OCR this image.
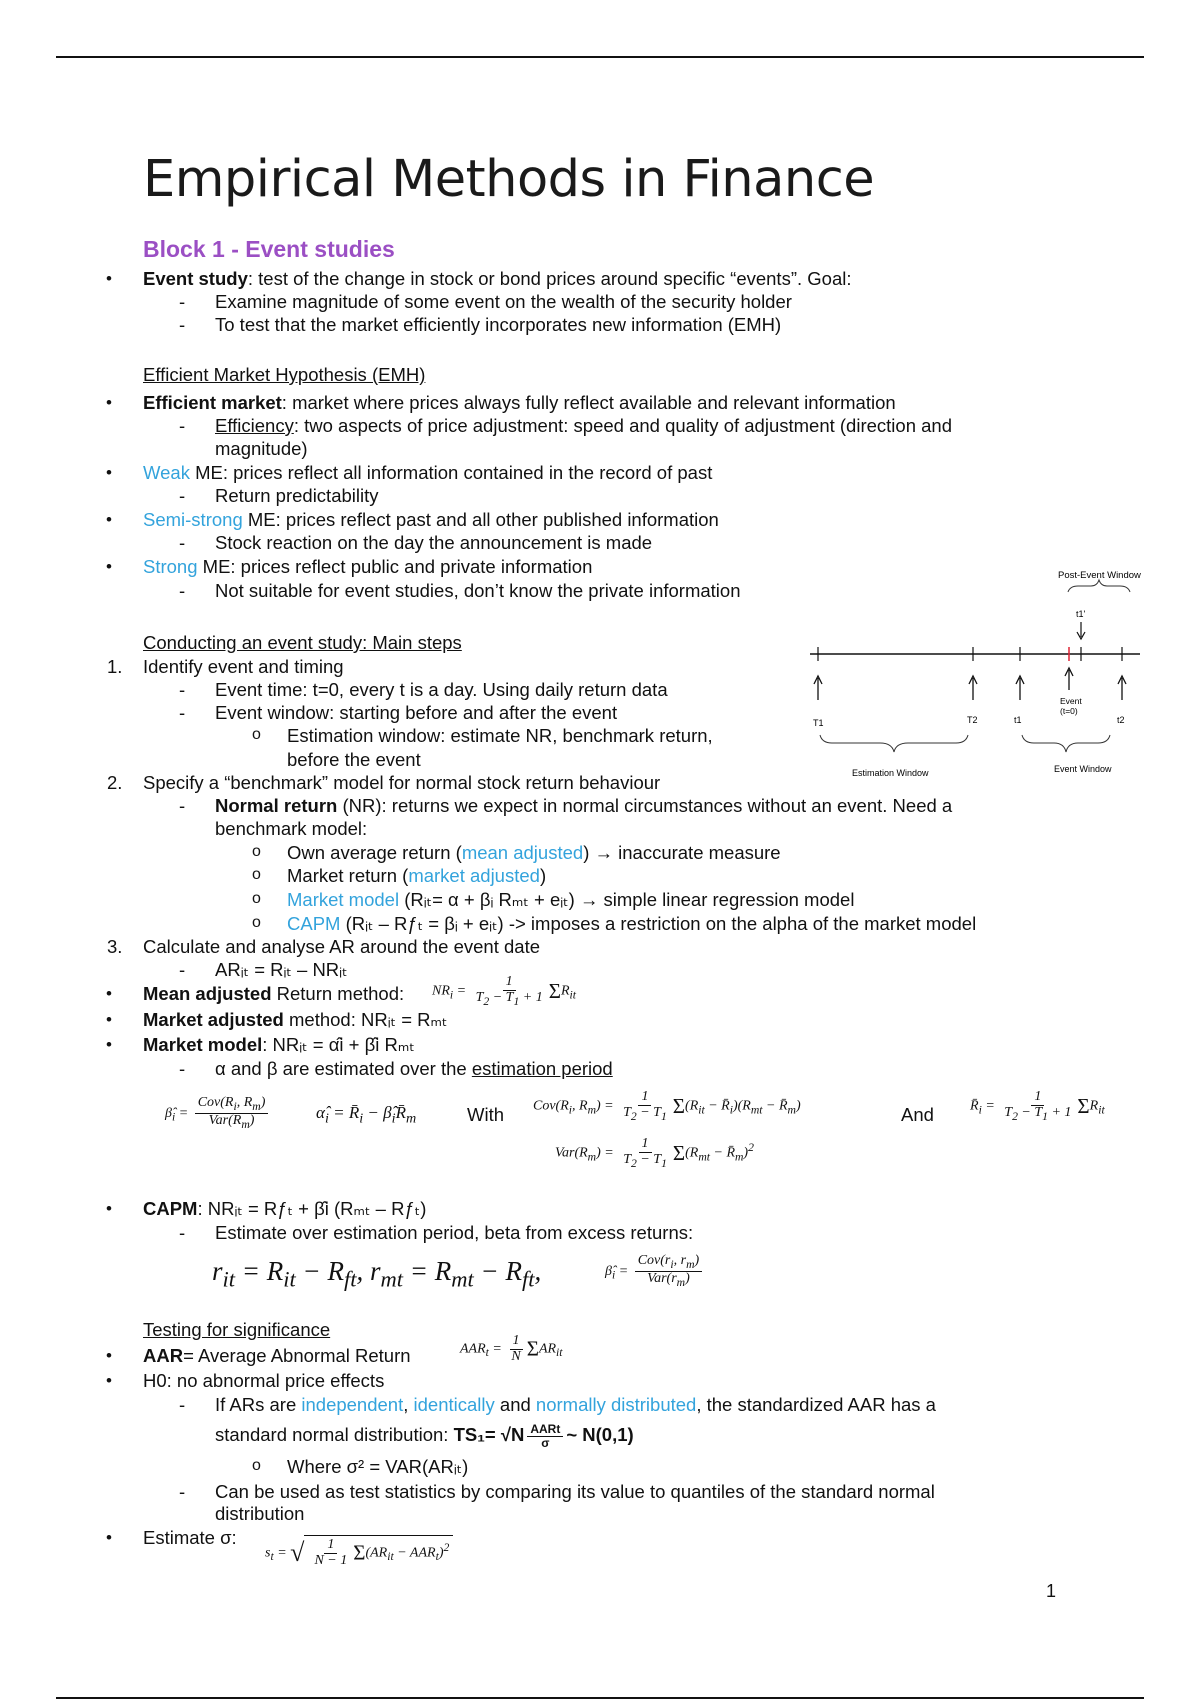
Empirical Methods in Finance
Block 1 - Event studies
• Event study: test of the change in stock or bond prices around specific “events”. Goal:
- Examine magnitude of some event on the wealth of the security holder
- To test that the market efficiently incorporates new information (EMH)
Efficient Market Hypothesis (EMH)
• Efficient market: market where prices always fully reflect available and relevant information
- Efficiency: two aspects of price adjustment: speed and quality of adjustment (direction and
magnitude)
• Weak ME: prices reflect all information contained in the record of past
- Return predictability
• Semi-strong ME: prices reflect past and all other published information
- Stock reaction on the day the announcement is made
• Strong ME: prices reflect public and private information
- Not suitable for event studies, don’t know the private information
Conducting an event study: Main steps
1. Identify event and timing
- Event time: t=0, every t is a day. Using daily return data
- Event window: starting before and after the event
o Estimation window: estimate NR, benchmark return,
before the event
2. Specify a “benchmark” model for normal stock return behaviour
- Normal return (NR): returns we expect in normal circumstances without an event. Need a
benchmark model:
o Own average return (mean adjusted) → inaccurate measure
o Market return (market adjusted)
o Market model (Rᵢₜ= α + βᵢ Rₘₜ + eᵢₜ) → simple linear regression model
o CAPM (Rᵢₜ – Rƒₜ = βᵢ + eᵢₜ) -> imposes a restriction on the alpha of the market model
3. Calculate and analyse AR around the event date
- ARᵢₜ = Rᵢₜ – NRᵢₜ
• Mean adjusted Return method:
• Market adjusted method: NRᵢₜ = Rₘₜ
• Market model: NRᵢₜ = α̂i + β̂i Rₘₜ
- α and β are estimated over the estimation period
With	And
• CAPM: NRᵢₜ = Rƒₜ + β̂i (Rₘₜ – Rƒₜ)
- Estimate over estimation period, beta from excess returns:
Testing for significance
• AAR= Average Abnormal Return
• H0: no abnormal price effects
- If ARs are independent, identically and normally distributed, the standardized AAR has a
standard normal distribution: $TS_1= √N \frac{\text{AARt}}{\sigma}$ ~ N(0,1)
o Where σ² = VAR(ARᵢₜ)
- Can be used as test statistics by comparing its value to quantiles of the standard normal
distribution
• Estimate σ:
$NR_i = \frac{1}{T_2 - T_1 + 1} \Sigma R_{it}$
$\betâ_i = \frac{Cov(R_i, R_m)}{Var(R_m)}$	$\alphâ_i$ = $R̄_i$ − $\betâ_iR̄_m$
$Cov(R_i$, $R_m) = \frac{1}{T_2 - T_1} \Sigma(R_{it}$ − $R̄_i)(R_{mt}$ − $R̄_m$)
$Var(R_m) = \frac{1}{T_2 - T_1} \Sigma(R_{mt}$ − $R̄_m)^2$
$R̄_i = \frac{1}{T_2 - T_1 + 1} \Sigma R_{it}$
$r_{it} = R_{it} - R_{ft}$, $r_{mt} = R_{mt} - R_{ft}$,	$\betâ_i = \frac{Cov(r_i, r_m)}{Var(r_m)}$
$AAR_t = \frac{1}{N} \Sigma AR_{it}$
$s_t$ = √ $\frac{1}{N - 1} \Sigma(AR_{it} - AAR_t)^2$
Post-Event Window
t1'
T1	T2	t1
Event
(t=0)
t2
Estimation Window	Event Window
1
